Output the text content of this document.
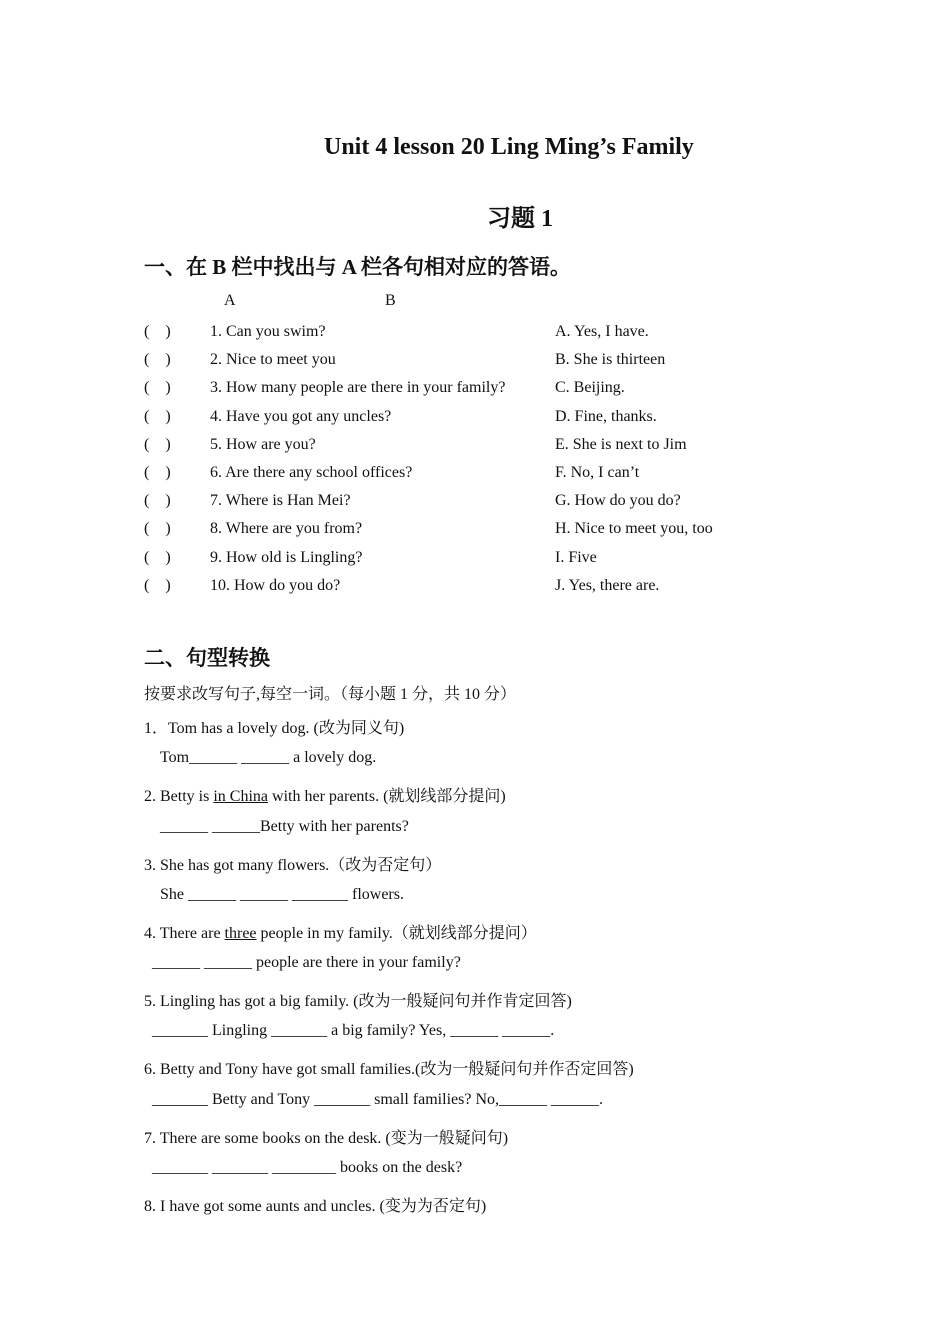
Unit 4 lesson 20 Ling Ming’s Family
习题 1
一、在 B 栏中找出与 A 栏各句相对应的答语。
A	B
(    ) 1. Can you swim?	A. Yes, I have.
(    ) 2. Nice to meet you	B. She is thirteen
(    ) 3. How many people are there in your family?	C. Beijing.
(    ) 4. Have you got any uncles?	D. Fine, thanks.
(    ) 5. How are you?	E. She is next to Jim
(    ) 6. Are there any school offices?	F. No, I can’t
(    ) 7. Where is Han Mei?	G. How do you do?
(    ) 8. Where are you from?	H. Nice to meet you, too
(    ) 9. How old is Lingling?	I. Five
(    ) 10. How do you do?	J. Yes, there are.
二、句型转换
按要求改写句子,每空一词。（每小题 1 分，共 10 分）
1．Tom has a lovely dog. (改为同义句)
Tom______ ______ a lovely dog.
2. Betty is in China with her parents. (就划线部分提问)
______ ______Betty with her parents?
3. She has got many flowers.（改为否定句）
She ______ ______ _______ flowers.
4. There are three people in my family.（就划线部分提问）
______ ______ people are there in your family?
5. Lingling has got a big family. (改为一般疑问句并作肯定回答)
_______ Lingling _______ a big family? Yes, ______ ______.
6. Betty and Tony have got small families.(改为一般疑问句并作否定回答)
_______ Betty and Tony _______ small families? No,______ ______.
7. There are some books on the desk. (变为一般疑问句)
_______ _______ ________ books on the desk?
8. I have got some aunts and uncles. (变为为否定句)
